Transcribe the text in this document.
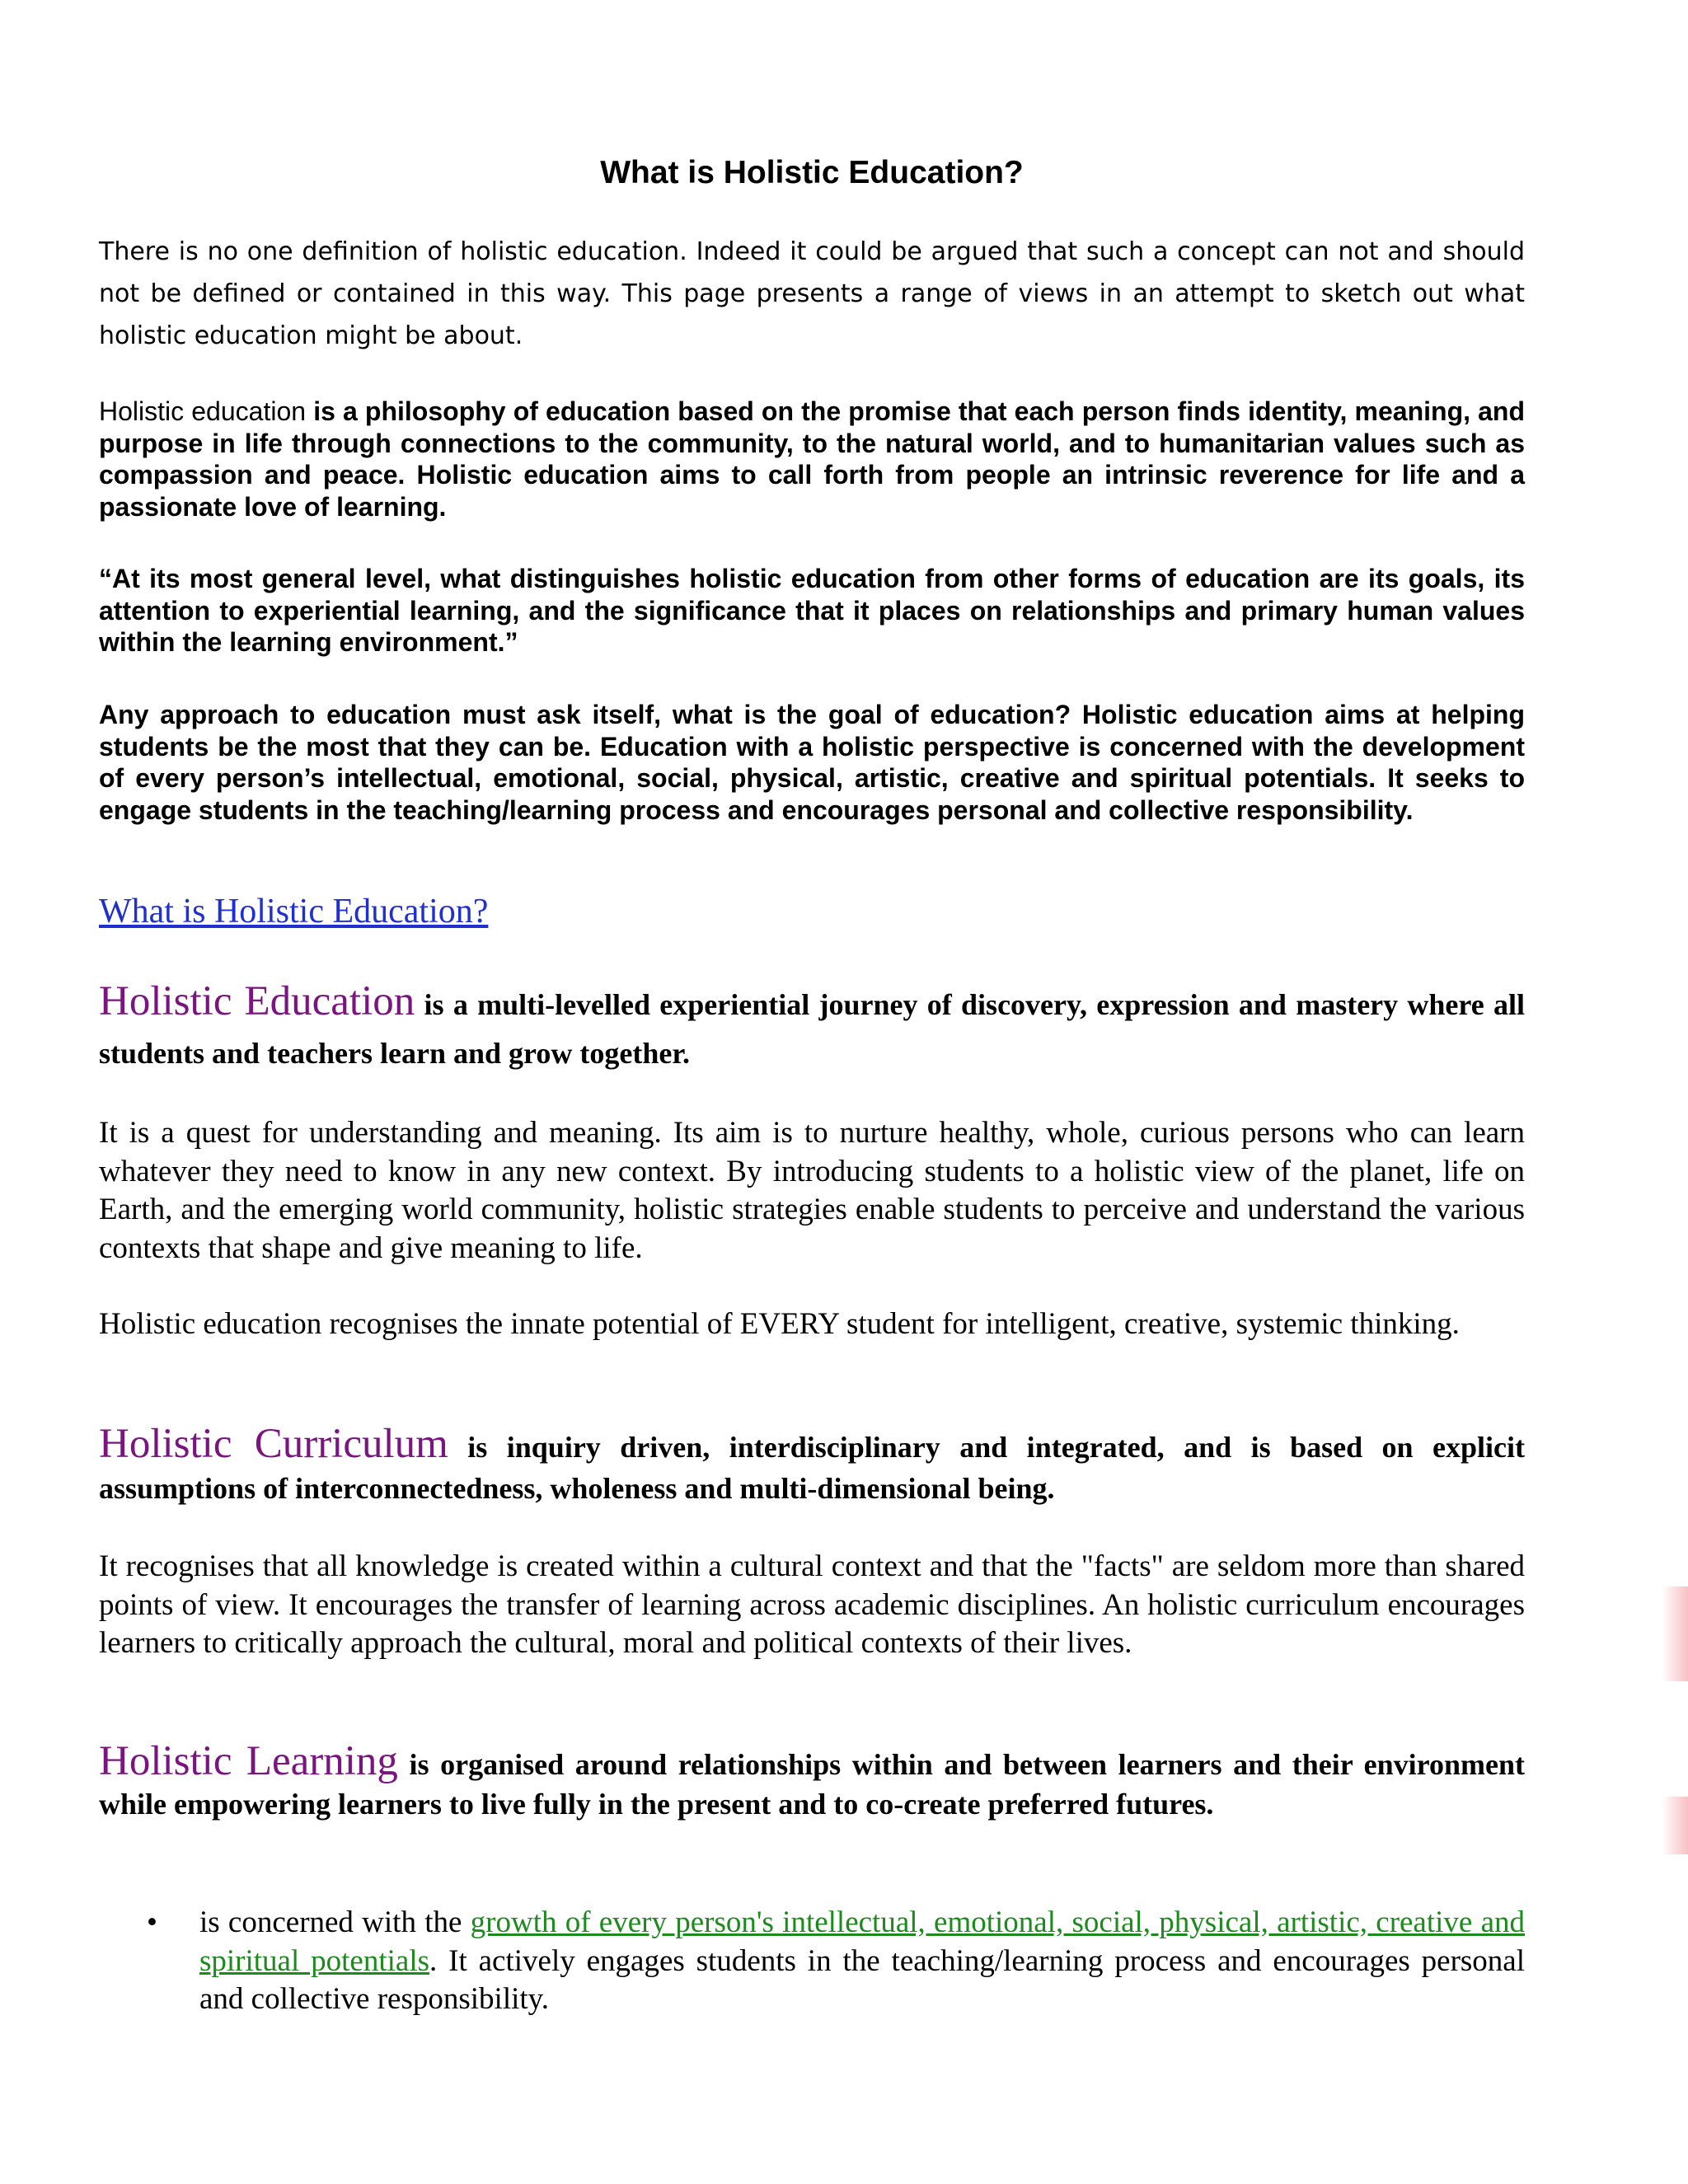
What is Holistic Education?

There is no one definition of holistic education. Indeed it could be argued that such a concept can not and should not be defined or contained in this way. This page presents a range of views in an attempt to sketch out what holistic education might be about.

Holistic education is a philosophy of education based on the promise that each person finds identity, meaning, and purpose in life through connections to the community, to the natural world, and to humanitarian values such as compassion and peace. Holistic education aims to call forth from people an intrinsic reverence for life and a passionate love of learning.

“At its most general level, what distinguishes holistic education from other forms of education are its goals, its attention to experiential learning, and the significance that it places on relationships and primary human values within the learning environment.”

Any approach to education must ask itself, what is the goal of education? Holistic education aims at helping students be the most that they can be. Education with a holistic perspective is concerned with the development of every person’s intellectual, emotional, social, physical, artistic, creative and spiritual potentials. It seeks to engage students in the teaching/learning process and encourages personal and collective responsibility.

What is Holistic Education?

Holistic Education is a multi-levelled experiential journey of discovery, expression and mastery where all students and teachers learn and grow together.

It is a quest for understanding and meaning. Its aim is to nurture healthy, whole, curious persons who can learn whatever they need to know in any new context. By introducing students to a holistic view of the planet, life on Earth, and the emerging world community, holistic strategies enable students to perceive and understand the various contexts that shape and give meaning to life.

Holistic education recognises the innate potential of EVERY student for intelligent, creative, systemic thinking.

Holistic Curriculum is inquiry driven, interdisciplinary and integrated, and is based on explicit assumptions of interconnectedness, wholeness and multi-dimensional being.

It recognises that all knowledge is created within a cultural context and that the "facts" are seldom more than shared points of view. It encourages the transfer of learning across academic disciplines. An holistic curriculum encourages learners to critically approach the cultural, moral and political contexts of their lives.

Holistic Learning is organised around relationships within and between learners and their environment while empowering learners to live fully in the present and to co-create preferred futures.

• is concerned with the growth of every person's intellectual, emotional, social, physical, artistic, creative and spiritual potentials. It actively engages students in the teaching/learning process and encourages personal and collective responsibility.
